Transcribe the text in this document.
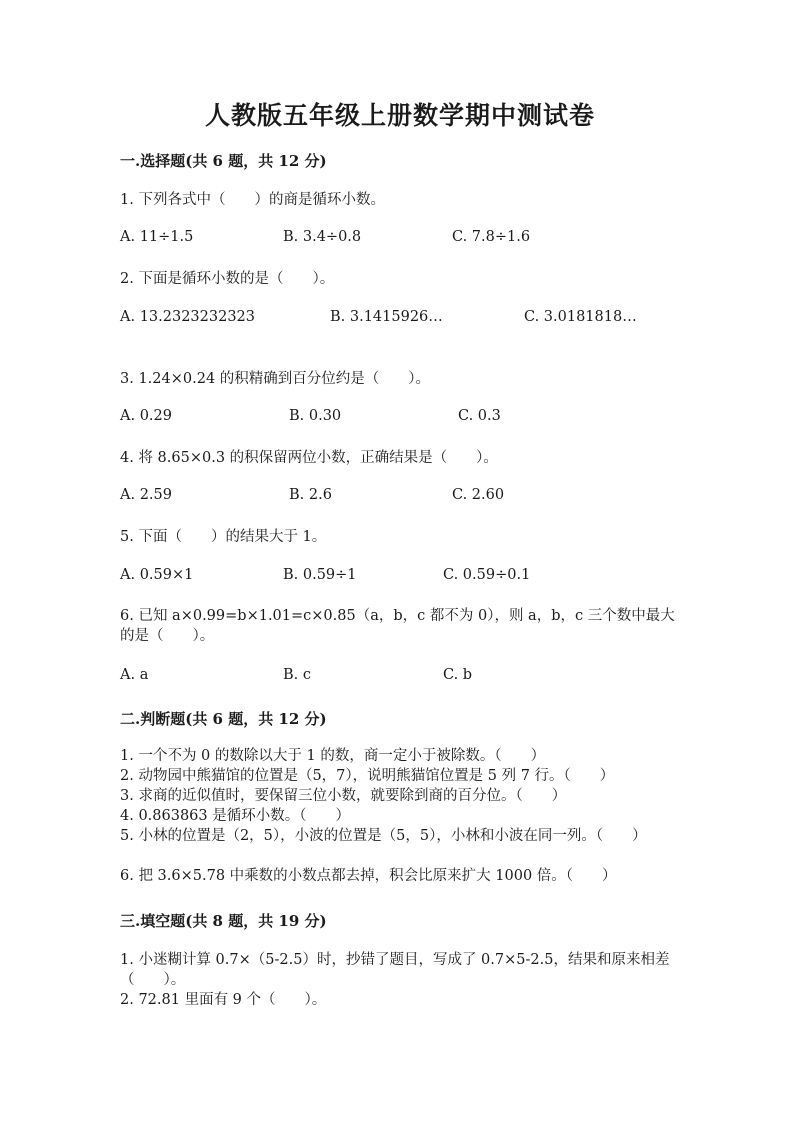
人教版五年级上册数学期中测试卷
一.选择题(共 6 题，共 12 分)
1. 下列各式中（　　）的商是循环小数。
A. 11÷1.5	B. 3.4÷0.8	C. 7.8÷1.6
2. 下面是循环小数的是（　　）。
A. 13.2323232323	B. 3.1415926…	C. 3.0181818…
3. 1.24×0.24 的积精确到百分位约是（　　）。
A. 0.29	B. 0.30	C. 0.3
4. 将 8.65×0.3 的积保留两位小数，正确结果是（　　）。
A. 2.59	B. 2.6	C. 2.60
5. 下面（　　）的结果大于 1。
A. 0.59×1	B. 0.59÷1	C. 0.59÷0.1
6. 已知 a×0.99=b×1.01=c×0.85（a，b，c 都不为 0），则 a，b，c 三个数中最大的是（　　）。
A. a	B. c	C. b
二.判断题(共 6 题，共 12 分)
1. 一个不为 0 的数除以大于 1 的数，商一定小于被除数。（　　）
2. 动物园中熊猫馆的位置是（5，7），说明熊猫馆位置是 5 列 7 行。（　　）
3. 求商的近似值时，要保留三位小数，就要除到商的百分位。（　　）
4. 0.863863 是循环小数。（　　）
5. 小林的位置是（2，5），小波的位置是（5，5），小林和小波在同一列。（　　）
6. 把 3.6×5.78 中乘数的小数点都去掉，积会比原来扩大 1000 倍。（　　）
三.填空题(共 8 题，共 19 分)
1. 小迷糊计算 0.7×（5-2.5）时，抄错了题目，写成了 0.7×5-2.5，结果和原来相差（　　）。
2. 72.81 里面有 9 个（　　）。
